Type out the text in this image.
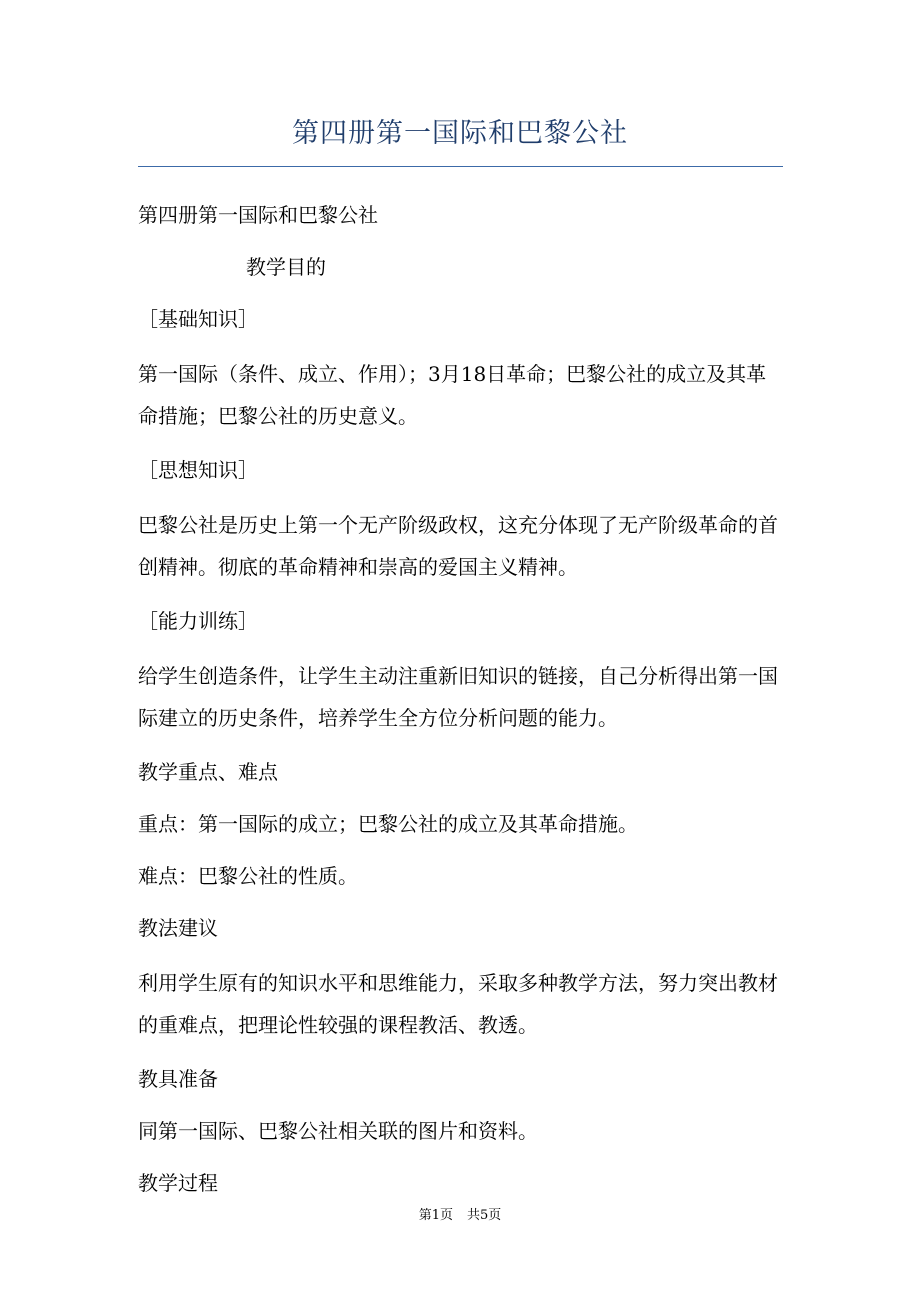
第四册第一国际和巴黎公社

第四册第一国际和巴黎公社

教学目的

［基础知识］

第一国际（条件、成立、作用）；3月18日革命；巴黎公社的成立及其革命措施；巴黎公社的历史意义。

［思想知识］

巴黎公社是历史上第一个无产阶级政权，这充分体现了无产阶级革命的首创精神。彻底的革命精神和崇高的爱国主义精神。

［能力训练］

给学生创造条件，让学生主动注重新旧知识的链接，自己分析得出第一国际建立的历史条件，培养学生全方位分析问题的能力。

教学重点、难点

重点：第一国际的成立；巴黎公社的成立及其革命措施。

难点：巴黎公社的性质。

教法建议

利用学生原有的知识水平和思维能力，采取多种教学方法，努力突出教材的重难点，把理论性较强的课程教活、教透。

教具准备

同第一国际、巴黎公社相关联的图片和资料。

教学过程

第1页 共5页
